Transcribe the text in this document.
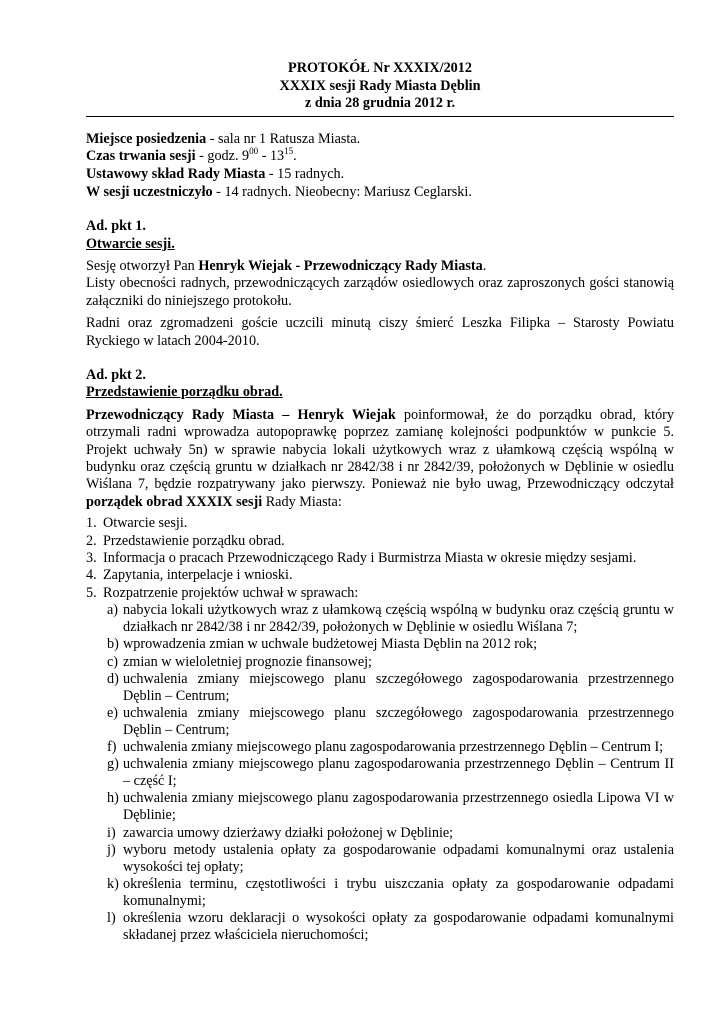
PROTOKÓŁ Nr XXXIX/2012
XXXIX sesji Rady Miasta Dęblin
z dnia 28 grudnia 2012 r.
Miejsce posiedzenia - sala nr 1 Ratusza Miasta.
Czas trwania sesji - godz. $9^{00} - 13^{15}$.
Ustawowy skład Rady Miasta - 15 radnych.
W sesji uczestniczyło - 14 radnych. Nieobecny: Mariusz Ceglarski.
Ad. pkt 1.
Otwarcie sesji.

Sesję otworzył Pan Henryk Wiejak - Przewodniczący Rady Miasta.

Listy obecności radnych, przewodniczących zarządów osiedlowych oraz zaproszonych gości stanowią załączniki do niniejszego protokołu.

Radni oraz zgromadzeni goście uczcili minutą ciszy śmierć Leszka Filipka – Starosty Powiatu Ryckiego w latach 2004-2010.

Ad. pkt 2.
Przedstawienie porządku obrad.

Przewodniczący Rady Miasta – Henryk Wiejak poinformował, że do porządku obrad, który otrzymali radni wprowadza autopoprawkę poprzez zamianę kolejności podpunktów w punkcie 5. Projekt uchwały 5n) w sprawie nabycia lokali użytkowych wraz z ułamkową częścią wspólną w budynku oraz częścią gruntu w działkach nr 2842/38 i nr 2842/39, położonych w Dęblinie w osiedlu Wiślana 7, będzie rozpatrywany jako pierwszy. Ponieważ nie było uwag, Przewodniczący odczytał porządek obrad XXXIX sesji Rady Miasta:

1. Otwarcie sesji.
2. Przedstawienie porządku obrad.
3. Informacja o pracach Przewodniczącego Rady i Burmistrza Miasta w okresie między sesjami.
4. Zapytania, interpelacje i wnioski.
5. Rozpatrzenie projektów uchwał w sprawach:
a) nabycia lokali użytkowych wraz z ułamkową częścią wspólną w budynku oraz częścią gruntu w działkach nr 2842/38 i nr 2842/39, położonych w Dęblinie w osiedlu Wiślana 7;
b) wprowadzenia zmian w uchwale budżetowej Miasta Dęblin na 2012 rok;
c) zmian w wieloletniej prognozie finansowej;
d) uchwalenia zmiany miejscowego planu szczegółowego zagospodarowania przestrzennego Dęblin – Centrum;
e) uchwalenia zmiany miejscowego planu szczegółowego zagospodarowania przestrzennego Dęblin – Centrum;
f) uchwalenia zmiany miejscowego planu zagospodarowania przestrzennego Dęblin – Centrum I;
g) uchwalenia zmiany miejscowego planu zagospodarowania przestrzennego Dęblin – Centrum II – część I;
h) uchwalenia zmiany miejscowego planu zagospodarowania przestrzennego osiedla Lipowa VI w Dęblinie;
i) zawarcia umowy dzierżawy działki położonej w Dęblinie;
j) wyboru metody ustalenia opłaty za gospodarowanie odpadami komunalnymi oraz ustalenia wysokości tej opłaty;
k) określenia terminu, częstotliwości i trybu uiszczania opłaty za gospodarowanie odpadami komunalnymi;
l) określenia wzoru deklaracji o wysokości opłaty za gospodarowanie odpadami komunalnymi składanej przez właściciela nieruchomości;
